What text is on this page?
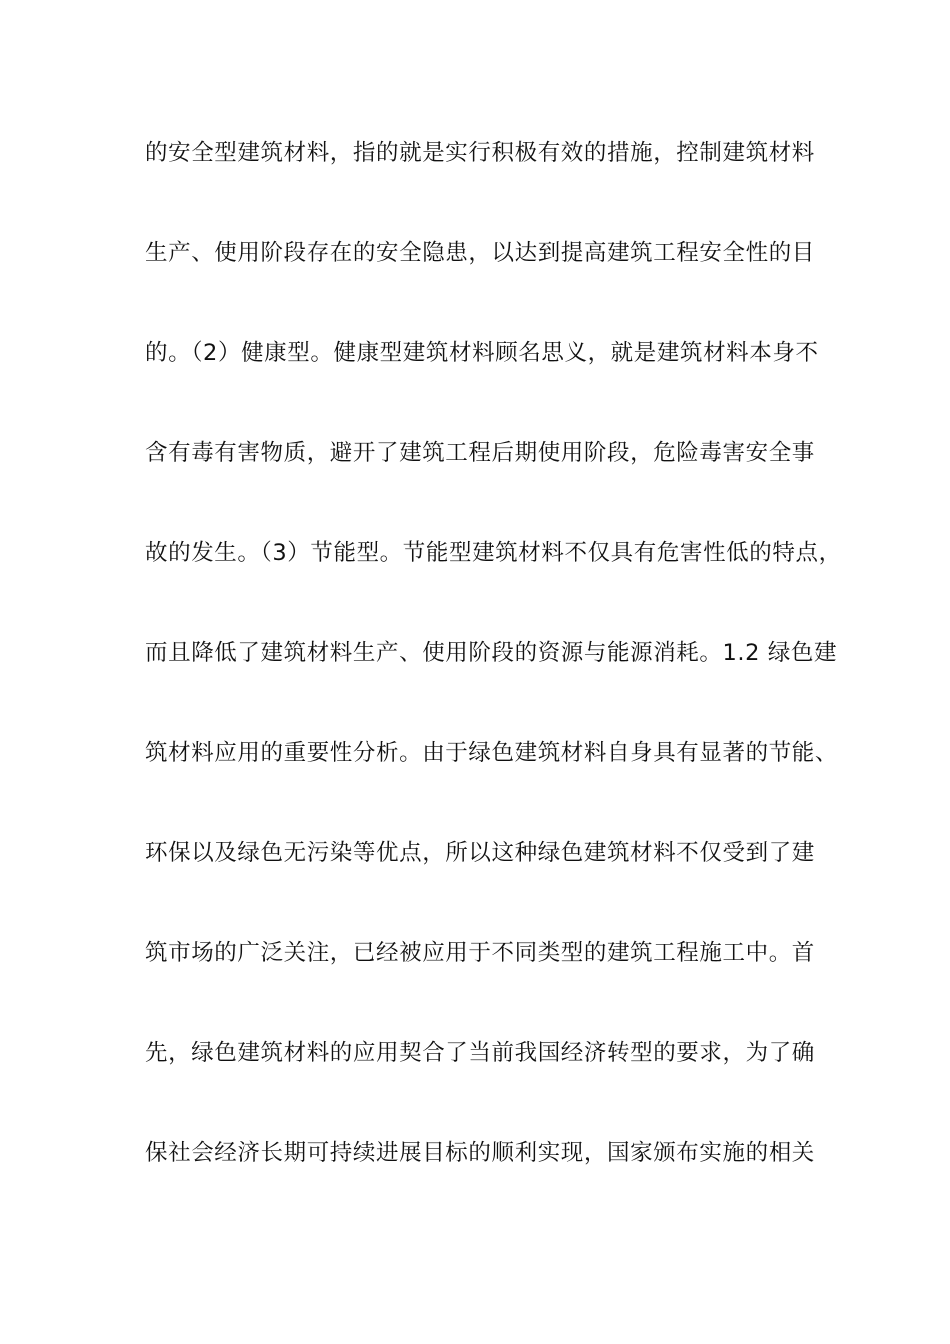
的安全型建筑材料，指的就是实行积极有效的措施，控制建筑材料
生产、使用阶段存在的安全隐患，以达到提高建筑工程安全性的目
的。（2）健康型。健康型建筑材料顾名思义，就是建筑材料本身不
含有毒有害物质，避开了建筑工程后期使用阶段，危险毒害安全事
故的发生。（3）节能型。节能型建筑材料不仅具有危害性低的特点，
而且降低了建筑材料生产、使用阶段的资源与能源消耗。1.2 绿色建
筑材料应用的重要性分析。由于绿色建筑材料自身具有显著的节能、
环保以及绿色无污染等优点，所以这种绿色建筑材料不仅受到了建
筑市场的广泛关注，已经被应用于不同类型的建筑工程施工中。首
先，绿色建筑材料的应用契合了当前我国经济转型的要求，为了确
保社会经济长期可持续进展目标的顺利实现，国家颁布实施的相关
